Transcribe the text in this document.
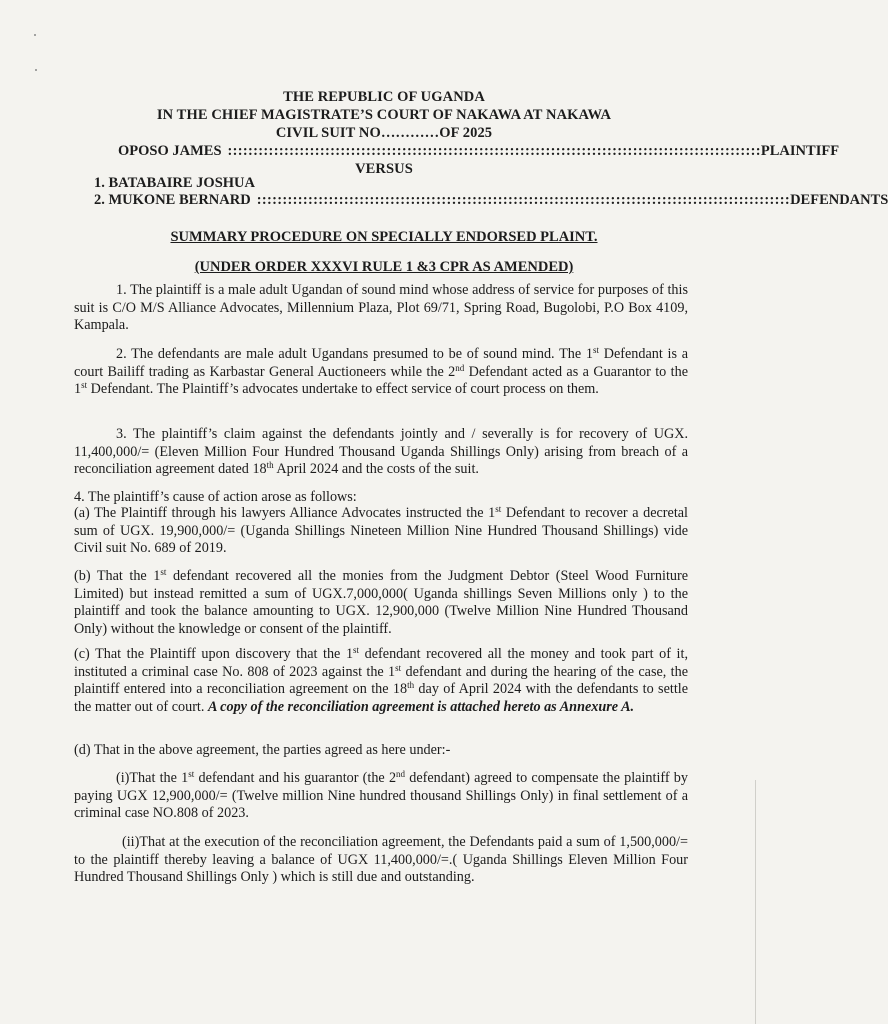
THE REPUBLIC OF UGANDA
IN THE CHIEF MAGISTRATE’S COURT OF NAKAWA AT NAKAWA
CIVIL SUIT NO…………OF 2025
OPOSO JAMES :::::::::::::::::::::::::::::::::::::::::::::::::::::::::::::::::::::::::::::::::::::::::::::::::::::::: PLAINTIFF
VERSUS
1. BATABAIRE JOSHUA
2. MUKONE BERNARD :::::::::::::::::::::::::::::::::::::::::::::::::::::::::::::::::::::::::::::::::::::::::::::::::::::::: DEFENDANTS
SUMMARY PROCEDURE ON SPECIALLY ENDORSED PLAINT.
(UNDER ORDER XXXVI RULE 1 &3 CPR AS AMENDED)

1. The plaintiff is a male adult Ugandan of sound mind whose address of service for purposes of this suit is C/O M/S Alliance Advocates, Millennium Plaza, Plot 69/71, Spring Road, Bugolobi, P.O Box 4109, Kampala.

2. The defendants are male adult Ugandans presumed to be of sound mind. The 1st Defendant is a court Bailiff trading as Karbastar General Auctioneers while the 2nd Defendant acted as a Guarantor to the 1st Defendant. The Plaintiff’s advocates undertake to effect service of court process on them.

3. The plaintiff’s claim against the defendants jointly and / severally is for recovery of UGX. 11,400,000/= (Eleven Million Four Hundred Thousand Uganda Shillings Only) arising from breach of a reconciliation agreement dated 18th April 2024 and the costs of the suit.

4. The plaintiff’s cause of action arose as follows:

(a) The Plaintiff through his lawyers Alliance Advocates instructed the 1st Defendant to recover a decretal sum of UGX. 19,900,000/= (Uganda Shillings Nineteen Million Nine Hundred Thousand Shillings) vide Civil suit No. 689 of 2019.

(b) That the 1st defendant recovered all the monies from the Judgment Debtor (Steel Wood Furniture Limited) but instead remitted a sum of UGX.7,000,000( Uganda shillings Seven Millions only ) to the plaintiff and took the balance amounting to UGX. 12,900,000 (Twelve Million Nine Hundred Thousand Only) without the knowledge or consent of the plaintiff.

(c) That the Plaintiff upon discovery that the 1st defendant recovered all the money and took part of it, instituted a criminal case No. 808 of 2023 against the 1st defendant and during the hearing of the case, the plaintiff entered into a reconciliation agreement on the 18th day of April 2024 with the defendants to settle the matter out of court. A copy of the reconciliation agreement is attached hereto as Annexure A.

(d) That in the above agreement, the parties agreed as here under:-

(i)That the 1st defendant and his guarantor (the 2nd defendant) agreed to compensate the plaintiff by paying UGX 12,900,000/= (Twelve million Nine hundred thousand Shillings Only) in final settlement of a criminal case NO.808 of 2023.

(ii)That at the execution of the reconciliation agreement, the Defendants paid a sum of 1,500,000/= to the plaintiff thereby leaving a balance of UGX 11,400,000/=.( Uganda Shillings Eleven Million Four Hundred Thousand Shillings Only ) which is still due and outstanding.
